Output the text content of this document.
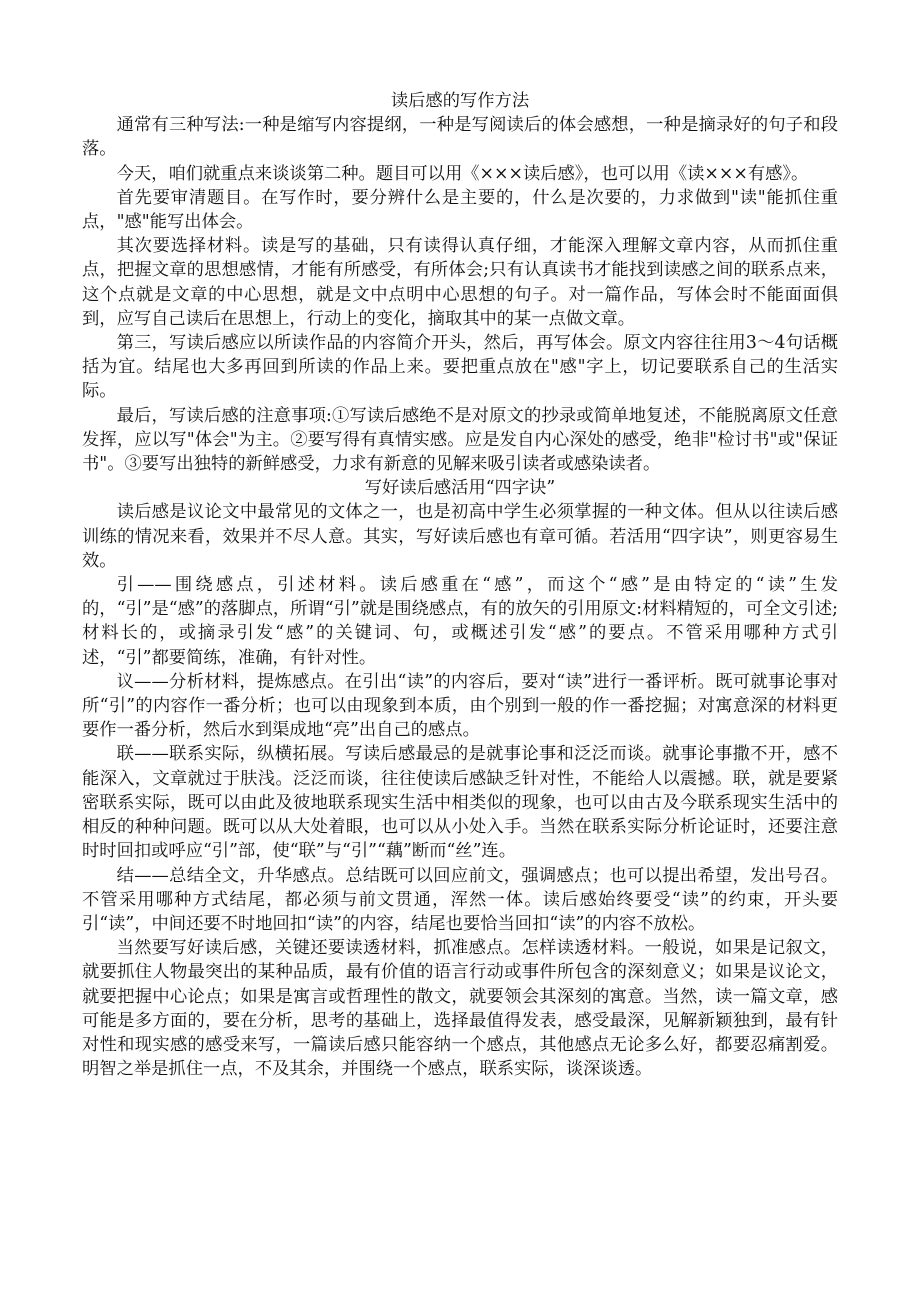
读后感的写作方法

通常有三种写法:一种是缩写内容提纲，一种是写阅读后的体会感想，一种是摘录好的句子和段落。

今天，咱们就重点来谈谈第二种。题目可以用《×××读后感》，也可以用《读×××有感》。

首先要审清题目。在写作时，要分辨什么是主要的，什么是次要的，力求做到"读"能抓住重点，"感"能写出体会。

其次要选择材料。读是写的基础，只有读得认真仔细，才能深入理解文章内容，从而抓住重点，把握文章的思想感情，才能有所感受，有所体会;只有认真读书才能找到读感之间的联系点来，这个点就是文章的中心思想，就是文中点明中心思想的句子。对一篇作品，写体会时不能面面俱到，应写自己读后在思想上，行动上的变化，摘取其中的某一点做文章。

第三，写读后感应以所读作品的内容简介开头，然后，再写体会。原文内容往往用3～4句话概括为宜。结尾也大多再回到所读的作品上来。要把重点放在"感"字上，切记要联系自己的生活实际。

最后，写读后感的注意事项:①写读后感绝不是对原文的抄录或简单地复述，不能脱离原文任意发挥，应以写"体会"为主。②要写得有真情实感。应是发自内心深处的感受，绝非"检讨书"或"保证书"。③要写出独特的新鲜感受，力求有新意的见解来吸引读者或感染读者。

写好读后感活用“四字诀”

读后感是议论文中最常见的文体之一，也是初高中学生必须掌握的一种文体。但从以往读后感训练的情况来看，效果并不尽人意。其实，写好读后感也有章可循。若活用“四字诀”，则更容易生效。

引——围绕感点，引述材料。读后感重在“感”，而这个“感”是由特定的“读”生发的，“引”是“感”的落脚点，所谓“引”就是围绕感点，有的放矢的引用原文:材料精短的，可全文引述;材料长的，或摘录引发“感”的关键词、句，或概述引发“感”的要点。不管采用哪种方式引述，“引”都要简练，准确，有针对性。

议——分析材料，提炼感点。在引出“读”的内容后，要对“读”进行一番评析。既可就事论事对所“引”的内容作一番分析；也可以由现象到本质，由个别到一般的作一番挖掘；对寓意深的材料更要作一番分析，然后水到渠成地“亮”出自己的感点。

联——联系实际，纵横拓展。写读后感最忌的是就事论事和泛泛而谈。就事论事撒不开，感不能深入，文章就过于肤浅。泛泛而谈，往往使读后感缺乏针对性，不能给人以震撼。联，就是要紧密联系实际，既可以由此及彼地联系现实生活中相类似的现象，也可以由古及今联系现实生活中的相反的种种问题。既可以从大处着眼，也可以从小处入手。当然在联系实际分析论证时，还要注意时时回扣或呼应“引”部，使“联”与“引”“藕”断而“丝”连。

结——总结全文，升华感点。总结既可以回应前文，强调感点；也可以提出希望，发出号召。不管采用哪种方式结尾，都必须与前文贯通，浑然一体。读后感始终要受“读”的约束，开头要引“读”，中间还要不时地回扣“读”的内容，结尾也要恰当回扣“读”的内容不放松。

当然要写好读后感，关键还要读透材料，抓准感点。怎样读透材料。一般说，如果是记叙文，就要抓住人物最突出的某种品质，最有价值的语言行动或事件所包含的深刻意义；如果是议论文，就要把握中心论点；如果是寓言或哲理性的散文，就要领会其深刻的寓意。当然，读一篇文章，感可能是多方面的，要在分析，思考的基础上，选择最值得发表，感受最深，见解新颖独到，最有针对性和现实感的感受来写，一篇读后感只能容纳一个感点，其他感点无论多么好，都要忍痛割爱。明智之举是抓住一点，不及其余，并围绕一个感点，联系实际，谈深谈透。
